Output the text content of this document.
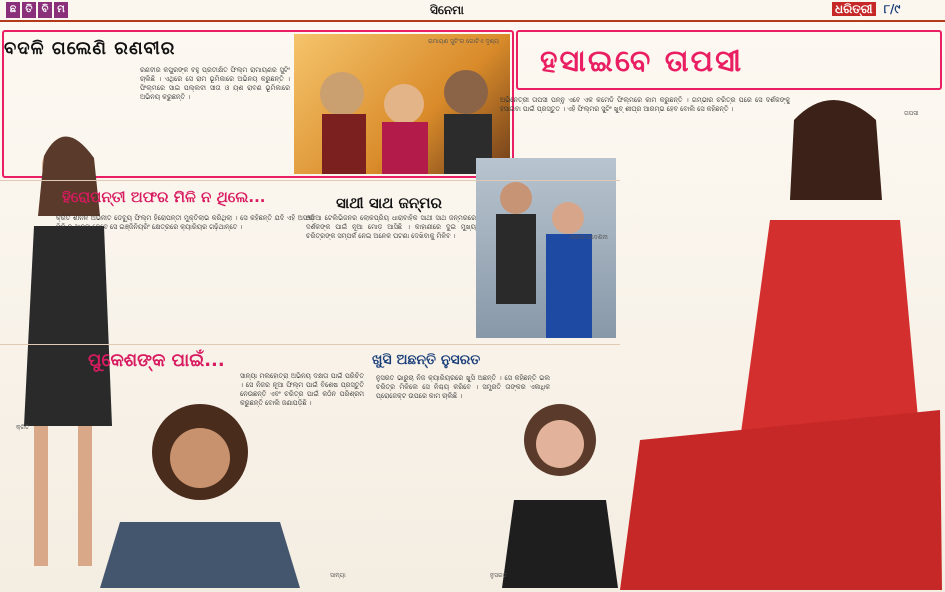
ଛ ତି ବି ମ	ସିନେମା	ଧରିତ୍ରୀ ୮/୯
ବଦଳି ଗଲେଣି ରଣବୀର
ରଣବୀର କପୁରଙ୍କ ବହୁ ପ୍ରତୀକ୍ଷିତ ଫିଲ୍ମ ରାମାୟଣର ସୁଟିଂ ଚାଲିଛି । ଏଥିରେ ସେ ରାମ ଭୂମିକାରେ ଅଭିନୟ କରୁଛନ୍ତି । ଫିଲ୍ମରେ ସାଇ ପଲ୍ଲବୀ ସୀତା ଓ ୟଶ ରାବଣ ଭୂମିକାରେ ଅଭିନୟ କରୁଛନ୍ତି ।
ରାମାୟଣ ସୁଟିଂର ଗୋଟିଏ ଦୃଶ୍ୟ
ହିରୋପନ୍ତୀ ଅଫର ମିଳି ନ ଥିଲେ...
କ୍ରିତି ଶାନନ ଅଭିନୀତ ଡେବ୍ୟୁ ଫିଲ୍ମ ହିରୋପନ୍ତୀ ମୁକ୍ତିଲାଭ କରିଥିଲା । ସେ କହିଛନ୍ତି ଯଦି ଏହି ଅଫର ମିଳି ନ ଥାନ୍ତା ତେବେ ସେ ଇଞ୍ଜିନିୟରିଂ କ୍ଷେତ୍ରରେ କ୍ୟାରିୟର ଗଢ଼ିଥାନ୍ତେ ।
କ୍ରିତି
ସାଥୀ ସାଥ ଜନ୍ମର
ଓଡ଼ିଆ ଟେଲିଭିଜନର ଲୋକପ୍ରିୟ ଧାରାବାହିକ ସାଥୀ ସାଥ ଜନ୍ମରରେ ଦର୍ଶକଙ୍କ ପାଇଁ ନୂଆ ମୋଡ଼ ଆସିଛି । କାହାଣୀରେ ଦୁଇ ମୁଖ୍ୟ ଚରିତ୍ରଙ୍କ ସମ୍ପର୍କ ନେଇ ଅନେକ ଘଟଣା ଦେଖିବାକୁ ମିଳିବ ।	ମାନସ-ଅଦେଶିନୀ
ହସାଇବେ ତାପସୀ
ଅଭିନେତ୍ରୀ ତାପସୀ ପନ୍ନୁ ଏବେ ଏକ କମେଡି ଫିଲ୍ମରେ କାମ କରୁଛନ୍ତି । ଗମ୍ଭୀର ଚରିତ୍ର ପରେ ସେ ଦର୍ଶକଙ୍କୁ ହସାଇବା ପାଇଁ ପ୍ରସ୍ତୁତ । ଏହି ଫିଲ୍ମର ସୁଟିଂ ଖୁବ୍ ଶୀଘ୍ର ଆରମ୍ଭ ହେବ ବୋଲି ସେ କହିଛନ୍ତି ।
ତାପସୀ
ପୁକେଶଙ୍କ ପାଇଁ...
ସାନ୍ୟା ମଲହୋତ୍ରା ଅଭିନୟ ଦକ୍ଷତା ପାଇଁ ପରିଚିତ । ସେ ନିଜର ନୂଆ ଫିଲ୍ମ ପାଇଁ ବିଶେଷ ପ୍ରସ୍ତୁତି ନେଉଛନ୍ତି ଏବଂ ଚରିତ୍ର ପାଇଁ କଠିନ ପରିଶ୍ରମ କରୁଛନ୍ତି ବୋଲି ଜଣାପଡ଼ିଛି ।
ସାନ୍ୟା
ଖୁସି ଅଛନ୍ତି ନୁସରତ
ନୁସରତ ଭାରୁଚା ନିଜ କ୍ୟାରିୟରରେ ଖୁସି ଅଛନ୍ତି । ସେ କହିଛନ୍ତି ଭଲ ଚରିତ୍ର ମିଳିଲେ ସେ ନିଶ୍ଚୟ କରିବେ । ସମ୍ପ୍ରତି ତାଙ୍କର ଏକାଧିକ ପ୍ରୋଜେକ୍ଟ ଉପରେ କାମ ଚାଲିଛି ।
ନୁସରତ
